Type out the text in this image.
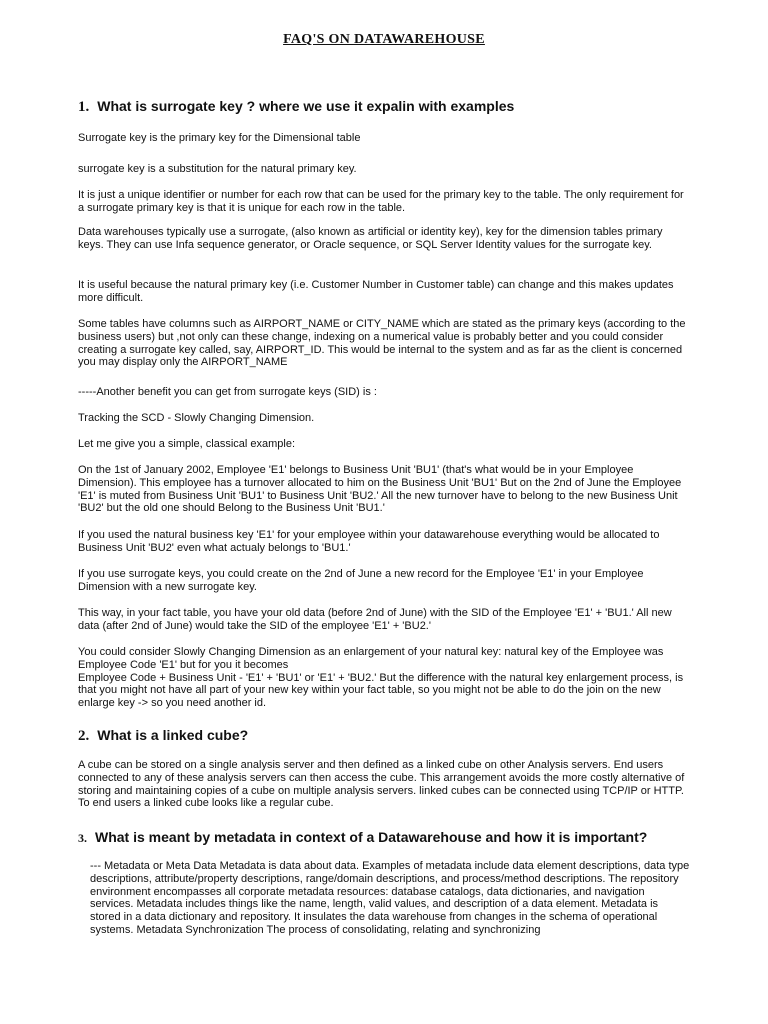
FAQ'S ON DATAWAREHOUSE
1. What is surrogate key ? where we use it expalin with examples

Surrogate key is the primary key for the Dimensional table

surrogate key is a substitution for the natural primary key.

It is just a unique identifier or number for each row that can be used for the primary key to the table. The only requirement for a surrogate primary key is that it is unique for each row in the table.

Data warehouses typically use a surrogate, (also known as artificial or identity key), key for the dimension tables primary keys. They can use Infa sequence generator, or Oracle sequence, or SQL Server Identity values for the surrogate key.

It is useful because the natural primary key (i.e. Customer Number in Customer table) can change and this makes updates more difficult.

Some tables have columns such as AIRPORT_NAME or CITY_NAME which are stated as the primary keys (according to the business users) but ,not only can these change, indexing on a numerical value is probably better and you could consider creating a surrogate key called, say, AIRPORT_ID. This would be internal to the system and as far as the client is concerned you may display only the AIRPORT_NAME

-----Another benefit you can get from surrogate keys (SID) is :

Tracking the SCD - Slowly Changing Dimension.

Let me give you a simple, classical example:

On the 1st of January 2002, Employee 'E1' belongs to Business Unit 'BU1' (that's what would be in your Employee Dimension). This employee has a turnover allocated to him on the Business Unit 'BU1' But on the 2nd of June the Employee 'E1' is muted from Business Unit 'BU1' to Business Unit 'BU2.' All the new turnover have to belong to the new Business Unit 'BU2' but the old one should Belong to the Business Unit 'BU1.'

If you used the natural business key 'E1' for your employee within your datawarehouse everything would be allocated to Business Unit 'BU2' even what actualy belongs to 'BU1.'

If you use surrogate keys, you could create on the 2nd of June a new record for the Employee 'E1' in your Employee Dimension with a new surrogate key.

This way, in your fact table, you have your old data (before 2nd of June) with the SID of the Employee 'E1' + 'BU1.' All new data (after 2nd of June) would take the SID of the employee 'E1' + 'BU2.'

You could consider Slowly Changing Dimension as an enlargement of your natural key: natural key of the Employee was Employee Code 'E1' but for you it becomes
Employee Code + Business Unit - 'E1' + 'BU1' or 'E1' + 'BU2.' But the difference with the natural key enlargement process, is that you might not have all part of your new key within your fact table, so you might not be able to do the join on the new enlarge key -> so you need another id.

2. What is a linked cube?

A cube can be stored on a single analysis server and then defined as a linked cube on other Analysis servers. End users connected to any of these analysis servers can then access the cube. This arrangement avoids the more costly alternative of storing and maintaining copies of a cube on multiple analysis servers. linked cubes can be connected using TCP/IP or HTTP. To end users a linked cube looks like a regular cube.

3. What is meant by metadata in context of a Datawarehouse and how it is important?

--- Metadata or Meta Data Metadata is data about data. Examples of metadata include data element descriptions, data type descriptions, attribute/property descriptions, range/domain descriptions, and process/method descriptions. The repository environment encompasses all corporate metadata resources: database catalogs, data dictionaries, and navigation services. Metadata includes things like the name, length, valid values, and description of a data element. Metadata is stored in a data dictionary and repository. It insulates the data warehouse from changes in the schema of operational systems. Metadata Synchronization The process of consolidating, relating and synchronizing
